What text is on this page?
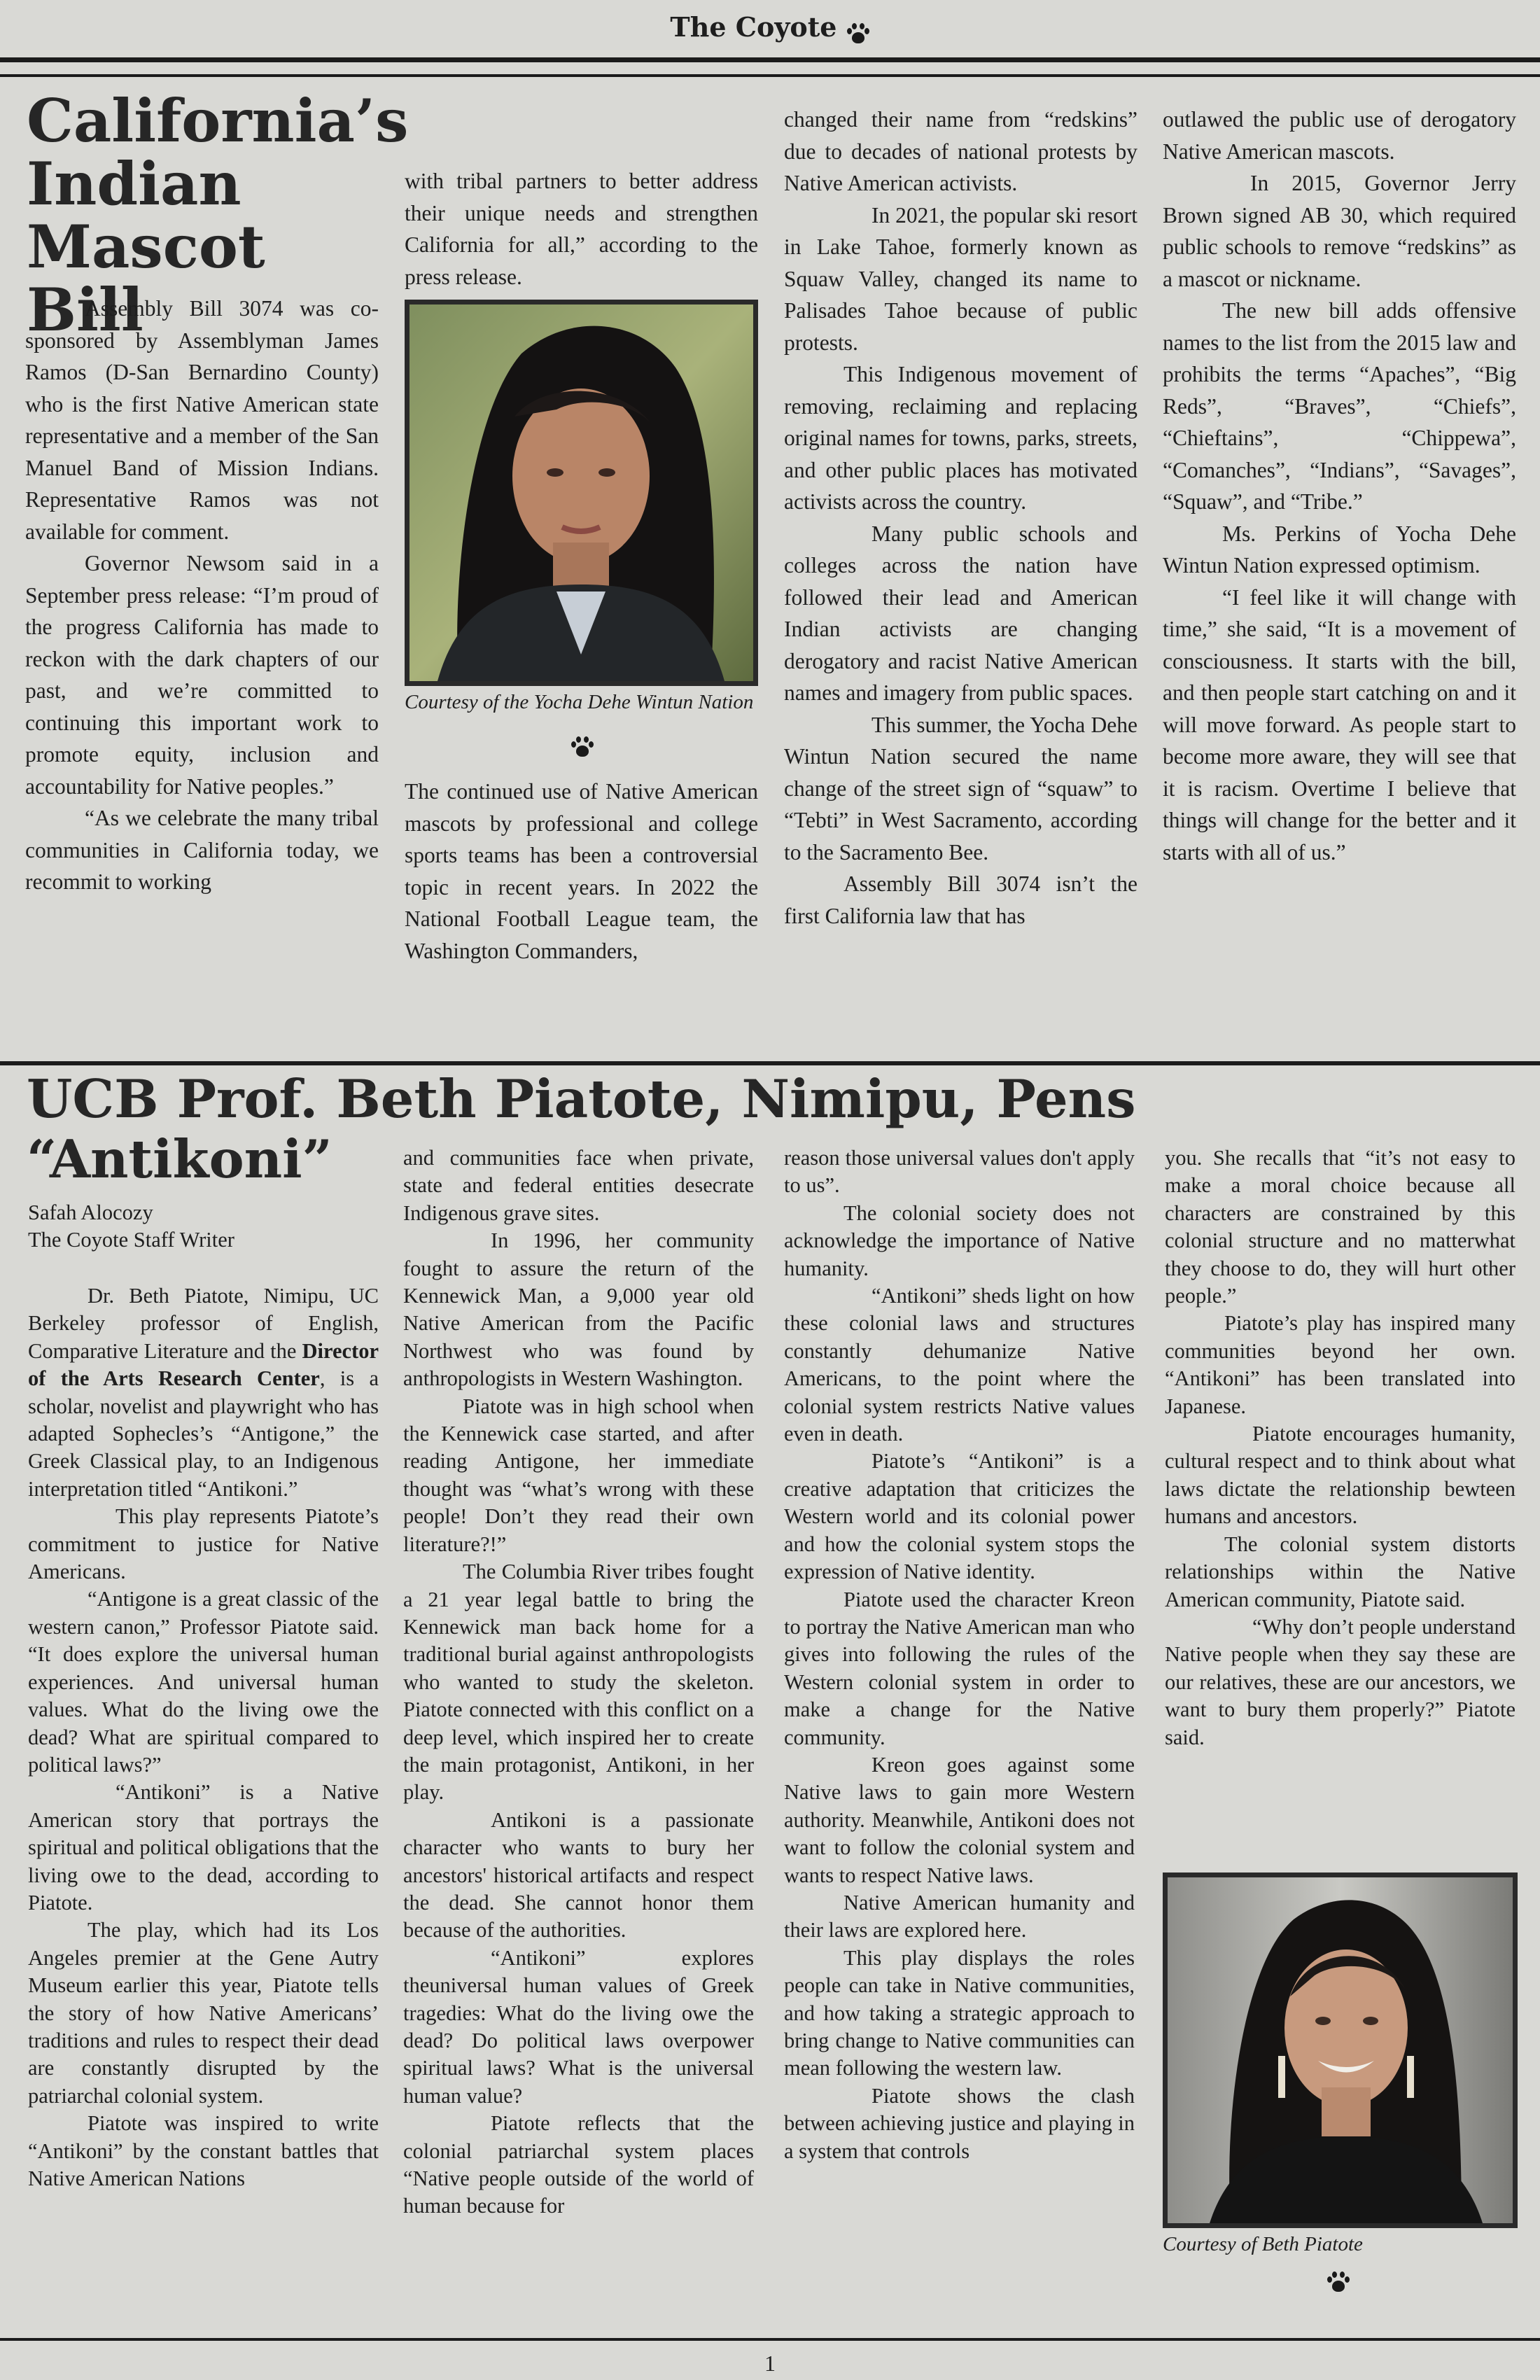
The Coyote
California’s Indian Mascot Bill

Assembly Bill 3074 was co-sponsored by Assemblyman James Ramos (D-San Bernardino County) who is the first Native American state representative and a member of the San Manuel Band of Mission Indians. Representative Ramos was not available for comment.

Governor Newsom said in a September press release: “I’m proud of the progress California has made to reckon with the dark chapters of our past, and we’re committed to continuing this important work to promote equity, inclusion and accountability for Native peoples.”

“As we celebrate the many tribal communities in California today, we recommit to working

with tribal partners to better address their unique needs and strengthen California for all,” according to the press release.

Courtesy of the Yocha Dehe Wintun Nation

The continued use of Native American mascots by professional and college sports teams has been a controversial topic in recent years. In 2022 the National Football League team, the Washington Commanders,

changed their name from “redskins” due to decades of national protests by Native American activists.

In 2021, the popular ski resort in Lake Tahoe, formerly known as Squaw Valley, changed its name to Palisades Tahoe because of public protests.

This Indigenous movement of removing, reclaiming and replacing original names for towns, parks, streets, and other public places has motivated activists across the country.

Many public schools and colleges across the nation have followed their lead and American Indian activists are changing derogatory and racist Native American names and imagery from public spaces.

This summer, the Yocha Dehe Wintun Nation secured the name change of the street sign of “squaw” to “Tebti” in West Sacramento, according to the Sacramento Bee.

Assembly Bill 3074 isn’t the first California law that has

outlawed the public use of derogatory Native American mascots.

In 2015, Governor Jerry Brown signed AB 30, which required public schools to remove “redskins” as a mascot or nickname.

The new bill adds offensive names to the list from the 2015 law and prohibits the terms “Apaches”, “Big Reds”, “Braves”, “Chiefs”, “Chieftains”, “Chippewa”, “Comanches”, “Indians”, “Savages”, “Squaw”, and “Tribe.”

Ms. Perkins of Yocha Dehe Wintun Nation expressed optimism.

“I feel like it will change with time,” she said, “It is a movement of consciousness. It starts with the bill, and then people start catching on and it will move forward. As people start to become more aware, they will see that it is racism. Overtime I believe that things will change for the better and it starts with all of us.”

UCB Prof. Beth Piatote, Nimipu, Pens “Antikoni”
Safah Alocozy
The Coyote Staff Writer

Dr. Beth Piatote, Nimipu, UC Berkeley professor of English, Comparative Literature and the Director of the Arts Research Center, is a scholar, novelist and playwright who has adapted Sophecles’s “Antigone,” the Greek Classical play, to an Indigenous interpretation titled “Antikoni.”

This play represents Piatote’s commitment to justice for Native Americans.

“Antigone is a great classic of the western canon,” Professor Piatote said. “It does explore the universal human experiences. And universal human values. What do the living owe the dead? What are spiritual compared to political laws?”

“Antikoni” is a Native American story that portrays the spiritual and political obligations that the living owe to the dead, according to Piatote.

The play, which had its Los Angeles premier at the Gene Autry Museum earlier this year, Piatote tells the story of how Native Americans’ traditions and rules to respect their dead are constantly disrupted by the patriarchal colonial system.

Piatote was inspired to write “Antikoni” by the constant battles that Native American Nations

and communities face when private, state and federal entities desecrate Indigenous grave sites.

In 1996, her community fought to assure the return of the Kennewick Man, a 9,000 year old Native American from the Pacific Northwest who was found by anthropologists in Western Washington.

Piatote was in high school when the Kennewick case started, and after reading Antigone, her immediate thought was “what’s wrong with these people! Don’t they read their own literature?!”

The Columbia River tribes fought a 21 year legal battle to bring the Kennewick man back home for a traditional burial against anthropologists who wanted to study the skeleton. Piatote connected with this conflict on a deep level, which inspired her to create the main protagonist, Antikoni, in her play.

Antikoni is a passionate character who wants to bury her ancestors' historical artifacts and respect the dead. She cannot honor them because of the authorities.

“Antikoni” explores theuniversal human values of Greek tragedies: What do the living owe the dead? Do political laws overpower spiritual laws? What is the universal human value?

Piatote reflects that the colonial patriarchal system places “Native people outside of the world of human because for

reason those universal values don't apply to us”.

The colonial society does not acknowledge the importance of Native humanity.

“Antikoni” sheds light on how these colonial laws and structures constantly dehumanize Native Americans, to the point where the colonial system restricts Native values even in death.

Piatote’s “Antikoni” is a creative adaptation that criticizes the Western world and its colonial power and how the colonial system stops the expression of Native identity.

Piatote used the character Kreon to portray the Native American man who gives into following the rules of the Western colonial system in order to make a change for the Native community.

Kreon goes against some Native laws to gain more Western authority. Meanwhile, Antikoni does not want to follow the colonial system and wants to respect Native laws.

Native American humanity and their laws are explored here.

This play displays the roles people can take in Native communities, and how taking a strategic approach to bring change to Native communities can mean following the western law.

Piatote shows the clash between achieving justice and playing in a system that controls

you. She recalls that “it’s not easy to make a moral choice because all characters are constrained by this colonial structure and no matterwhat they choose to do, they will hurt other people.”

Piatote’s play has inspired many communities beyond her own. “Antikoni” has been translated into Japanese.

Piatote encourages humanity, cultural respect and to think about what laws dictate the relationship bewteen humans and ancestors.

The colonial system distorts relationships within the Native American community, Piatote said.

“Why don’t people understand Native people when they say these are our relatives, these are our ancestors, we want to bury them properly?” Piatote said.

Courtesy of Beth Piatote
1
